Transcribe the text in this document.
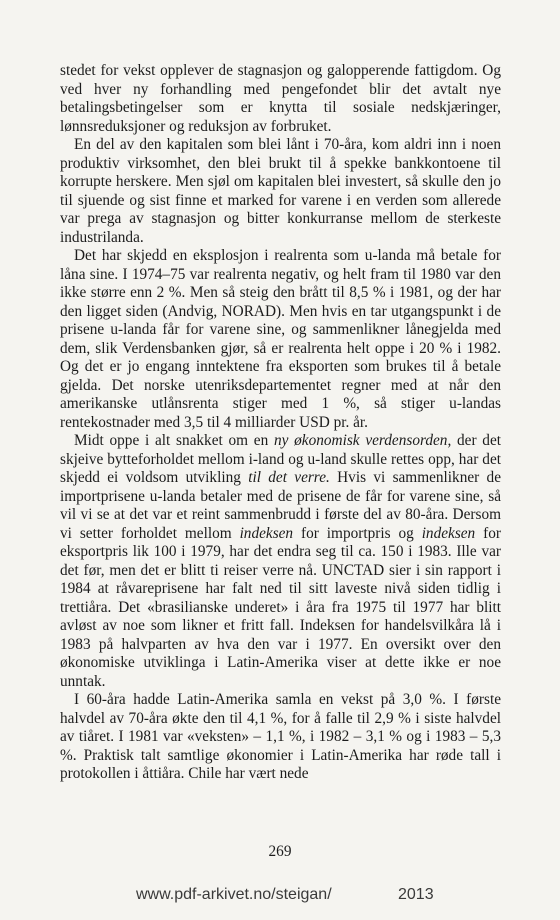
stedet for vekst opplever de stagnasjon og galopperende fattigdom. Og ved hver ny forhandling med pengefondet blir det avtalt nye betalingsbetingelser som er knytta til sosiale nedskjæringer, lønnsreduksjoner og reduksjon av forbruket.

En del av den kapitalen som blei lånt i 70-åra, kom aldri inn i noen produktiv virksomhet, den blei brukt til å spekke bankkontoene til korrupte herskere. Men sjøl om kapitalen blei investert, så skulle den jo til sjuende og sist finne et marked for varene i en verden som allerede var prega av stagnasjon og bitter konkurranse mellom de sterkeste industrilanda.

Det har skjedd en eksplosjon i realrenta som u-landa må betale for låna sine. I 1974–75 var realrenta negativ, og helt fram til 1980 var den ikke større enn 2 %. Men så steig den brått til 8,5 % i 1981, og der har den ligget siden (Andvig, NORAD). Men hvis en tar utgangspunkt i de prisene u-landa får for varene sine, og sammenlikner lånegjelda med dem, slik Verdensbanken gjør, så er realrenta helt oppe i 20 % i 1982. Og det er jo engang inntektene fra eksporten som brukes til å betale gjelda. Det norske utenriksdepartementet regner med at når den amerikanske utlånsrenta stiger med 1 %, så stiger u-landas rentekostnader med 3,5 til 4 milliarder USD pr. år.

Midt oppe i alt snakket om en ny økonomisk verdensorden, der det skjeive bytteforholdet mellom i-land og u-land skulle rettes opp, har det skjedd ei voldsom utvikling til det verre. Hvis vi sammenlikner de importprisene u-landa betaler med de prisene de får for varene sine, så vil vi se at det var et reint sammenbrudd i første del av 80-åra. Dersom vi setter forholdet mellom indeksen for importpris og indeksen for eksportpris lik 100 i 1979, har det endra seg til ca. 150 i 1983. Ille var det før, men det er blitt ti reiser verre nå. UNCTAD sier i sin rapport i 1984 at råvareprisene har falt ned til sitt laveste nivå siden tidlig i trettiåra. Det «brasilianske underet» i åra fra 1975 til 1977 har blitt avløst av noe som likner et fritt fall. Indeksen for handelsvilkåra lå i 1983 på halvparten av hva den var i 1977. En oversikt over den økonomiske utviklinga i Latin-Amerika viser at dette ikke er noe unntak.

I 60-åra hadde Latin-Amerika samla en vekst på 3,0 %. I første halvdel av 70-åra økte den til 4,1 %, for å falle til 2,9 % i siste halvdel av tiåret. I 1981 var «veksten» – 1,1 %, i 1982 – 3,1 % og i 1983 – 5,3 %. Praktisk talt samtlige økonomier i Latin-Amerika har røde tall i protokollen i åttiåra. Chile har vært nede

269
www.pdf-arkivet.no/steigan/	2013
